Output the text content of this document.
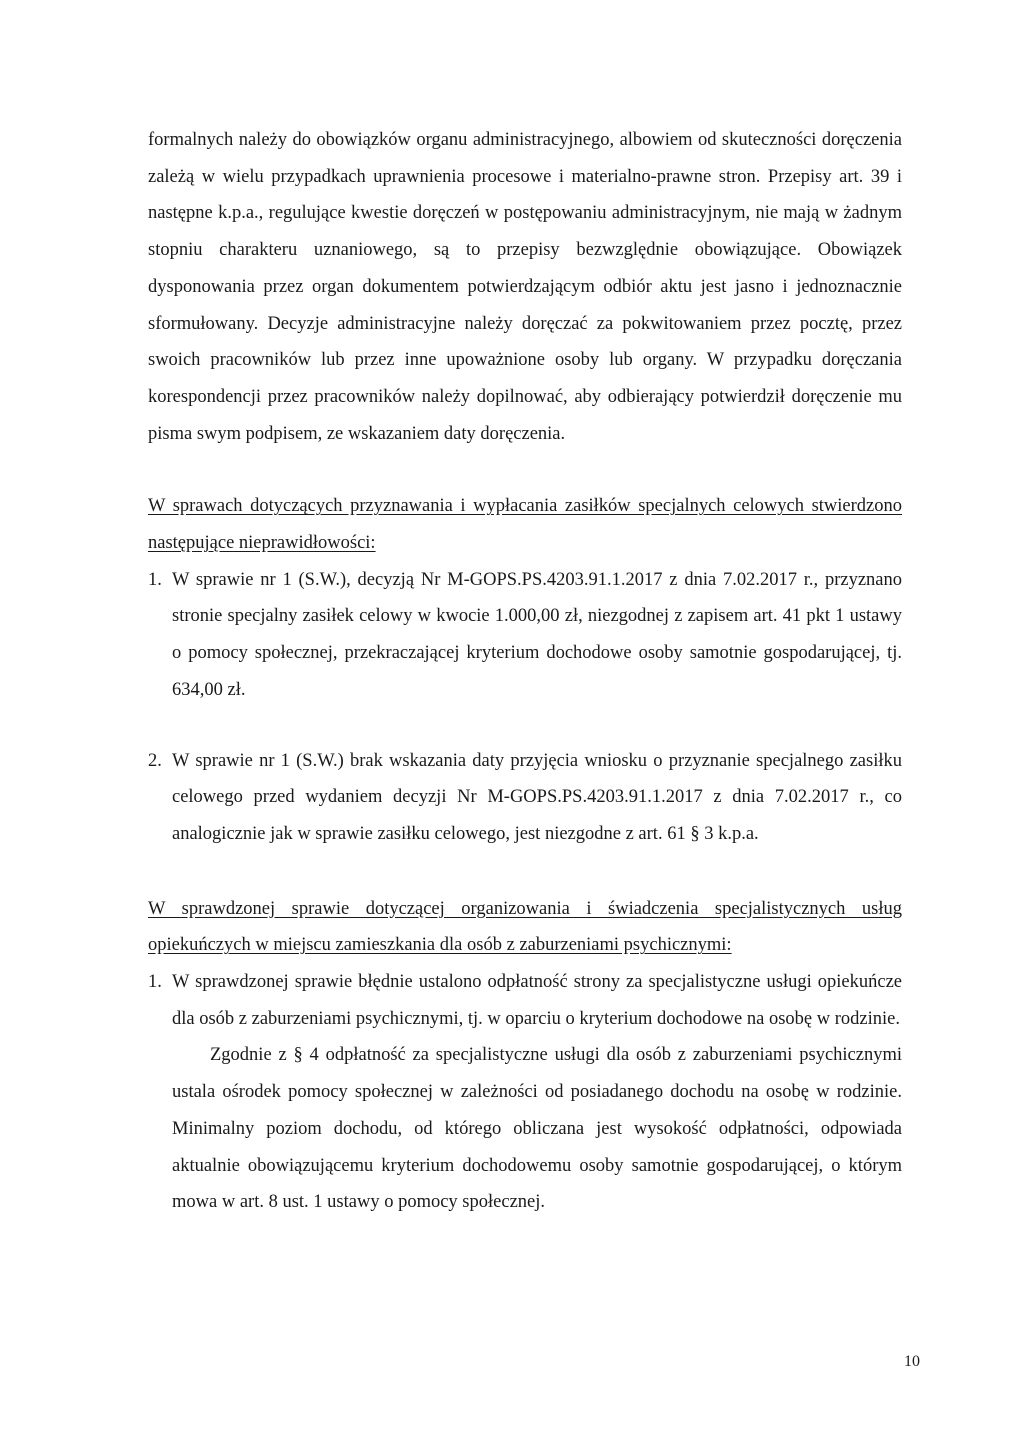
formalnych należy do obowiązków organu administracyjnego, albowiem od skuteczności doręczenia zależą w wielu przypadkach uprawnienia procesowe i materialno-prawne stron. Przepisy art. 39 i następne k.p.a., regulujące kwestie doręczeń w postępowaniu administracyjnym, nie mają w żadnym stopniu charakteru uznaniowego, są to przepisy bezwzględnie obowiązujące. Obowiązek dysponowania przez organ dokumentem potwierdzającym odbiór aktu jest jasno i jednoznacznie sformułowany. Decyzje administracyjne należy doręczać za pokwitowaniem przez pocztę, przez swoich pracowników lub przez inne upoważnione osoby lub organy. W przypadku doręczania korespondencji przez pracowników należy dopilnować, aby odbierający potwierdził doręczenie mu pisma swym podpisem, ze wskazaniem daty doręczenia.

W sprawach dotyczących przyznawania i wypłacania zasiłków specjalnych celowych stwierdzono następujące nieprawidłowości:

1. W sprawie nr 1 (S.W.), decyzją Nr M-GOPS.PS.4203.91.1.2017 z dnia 7.02.2017 r., przyznano stronie specjalny zasiłek celowy w kwocie 1.000,00 zł, niezgodnej z zapisem art. 41 pkt 1 ustawy o pomocy społecznej, przekraczającej kryterium dochodowe osoby samotnie gospodarującej, tj. 634,00 zł.
2. W sprawie nr 1 (S.W.) brak wskazania daty przyjęcia wniosku o przyznanie specjalnego zasiłku celowego przed wydaniem decyzji Nr M-GOPS.PS.4203.91.1.2017 z dnia 7.02.2017 r., co analogicznie jak w sprawie zasiłku celowego, jest niezgodne z art. 61 § 3 k.p.a.

W sprawdzonej sprawie dotyczącej organizowania i świadczenia specjalistycznych usług opiekuńczych w miejscu zamieszkania dla osób z zaburzeniami psychicznymi:

1. W sprawdzonej sprawie błędnie ustalono odpłatność strony za specjalistyczne usługi opiekuńcze dla osób z zaburzeniami psychicznymi, tj. w oparciu o kryterium dochodowe na osobę w rodzinie.
Zgodnie z § 4 odpłatność za specjalistyczne usługi dla osób z zaburzeniami psychicznymi ustala ośrodek pomocy społecznej w zależności od posiadanego dochodu na osobę w rodzinie. Minimalny poziom dochodu, od którego obliczana jest wysokość odpłatności, odpowiada aktualnie obowiązującemu kryterium dochodowemu osoby samotnie gospodarującej, o którym mowa w art. 8 ust. 1 ustawy o pomocy społecznej.
10
